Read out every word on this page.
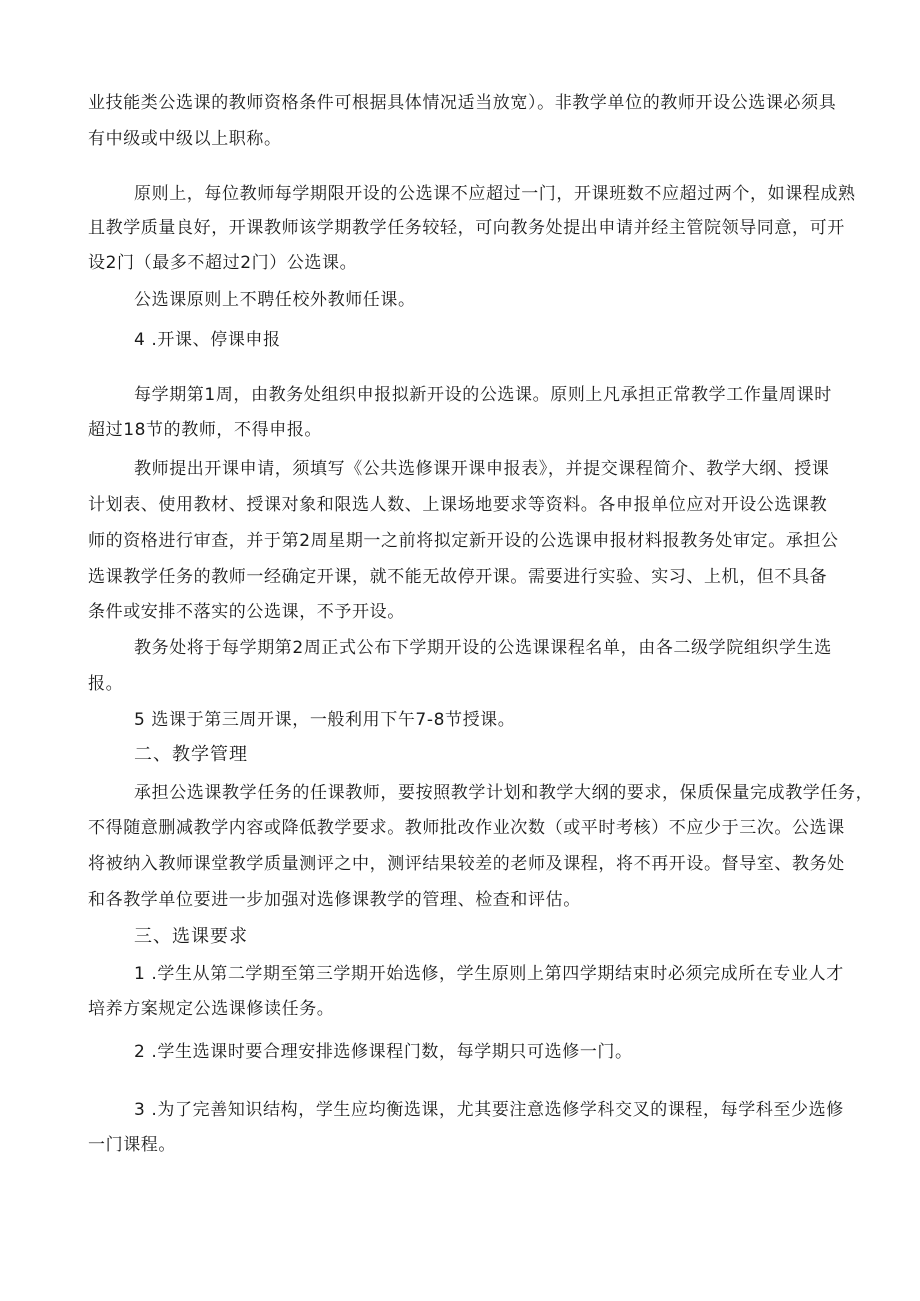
业技能类公选课的教师资格条件可根据具体情况适当放宽）。非教学单位的教师开设公选课必须具
有中级或中级以上职称。
原则上，每位教师每学期限开设的公选课不应超过一门，开课班数不应超过两个，如课程成熟
且教学质量良好，开课教师该学期教学任务较轻，可向教务处提出申请并经主管院领导同意，可开
设2门（最多不超过2门）公选课。
公选课原则上不聘任校外教师任课。
4 .开课、停课申报
每学期第1周，由教务处组织申报拟新开设的公选课。原则上凡承担正常教学工作量周课时
超过18节的教师，不得申报。
教师提出开课申请，须填写《公共选修课开课申报表》，并提交课程简介、教学大纲、授课
计划表、使用教材、授课对象和限选人数、上课场地要求等资料。各申报单位应对开设公选课教
师的资格进行审查，并于第2周星期一之前将拟定新开设的公选课申报材料报教务处审定。承担公
选课教学任务的教师一经确定开课，就不能无故停开课。需要进行实验、实习、上机，但不具备
条件或安排不落实的公选课，不予开设。
教务处将于每学期第2周正式公布下学期开设的公选课课程名单，由各二级学院组织学生选
报。
5 选课于第三周开课，一般利用下午7-8节授课。
二、教学管理
承担公选课教学任务的任课教师，要按照教学计划和教学大纲的要求，保质保量完成教学任务，
不得随意删减教学内容或降低教学要求。教师批改作业次数（或平时考核）不应少于三次。公选课
将被纳入教师课堂教学质量测评之中，测评结果较差的老师及课程，将不再开设。督导室、教务处
和各教学单位要进一步加强对选修课教学的管理、检查和评估。
三、选课要求
1 .学生从第二学期至第三学期开始选修，学生原则上第四学期结束时必须完成所在专业人才
培养方案规定公选课修读任务。
2 .学生选课时要合理安排选修课程门数，每学期只可选修一门。
3 .为了完善知识结构，学生应均衡选课，尤其要注意选修学科交叉的课程，每学科至少选修
一门课程。
